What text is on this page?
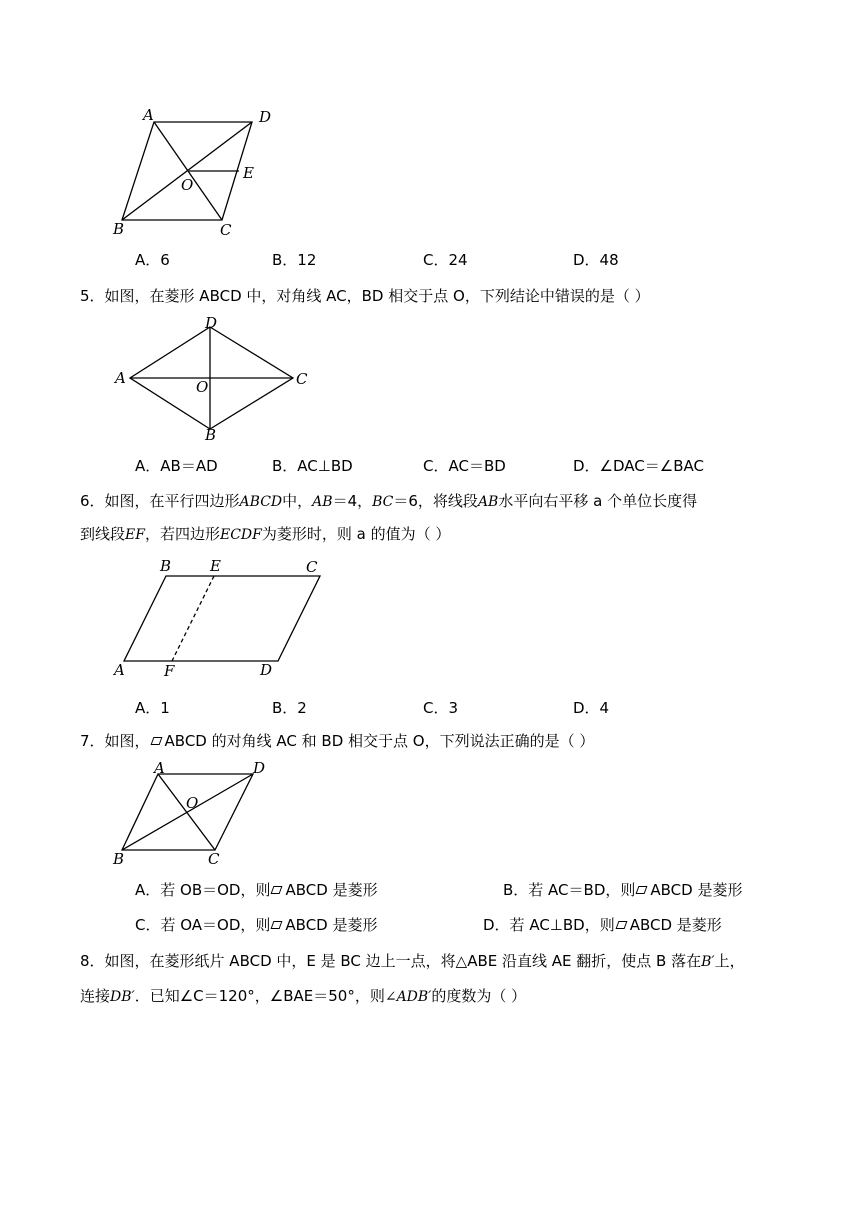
A	D
O
E
B	C
A．6	B．12	C．24	D．48
5．如图，在菱形 ABCD 中，对角线 AC，BD 相交于点 O，下列结论中错误的是（ ）
D
A	O	C
B
A．AB＝AD	B．AC⊥BD	C．AC＝BD	D．∠DAC＝∠BAC
6．如图，在平行四边形ABCD中，AB＝4，BC＝6，将线段AB水平向右平移 a 个单位长度得
到线段EF，若四边形ECDF为菱形时，则 a 的值为（ ）
B	E	C
A	F	D
A．1	B．2	C．3	D．4
7．如图， ABCD 的对角线 AC 和 BD 相交于点 O，下列说法正确的是（ ）
A	D
O
B	C
A．若 OB＝OD，则 ABCD 是菱形	B．若 AC＝BD，则 ABCD 是菱形
C．若 OA＝OD，则 ABCD 是菱形	D．若 AC⊥BD，则 ABCD 是菱形
8．如图，在菱形纸片 ABCD 中，E 是 BC 边上一点，将△ABE 沿直线 AE 翻折，使点 B 落在B′上，
连接DB′．已知∠C＝120°，∠BAE＝50°，则∠ADB′的度数为（ ）
